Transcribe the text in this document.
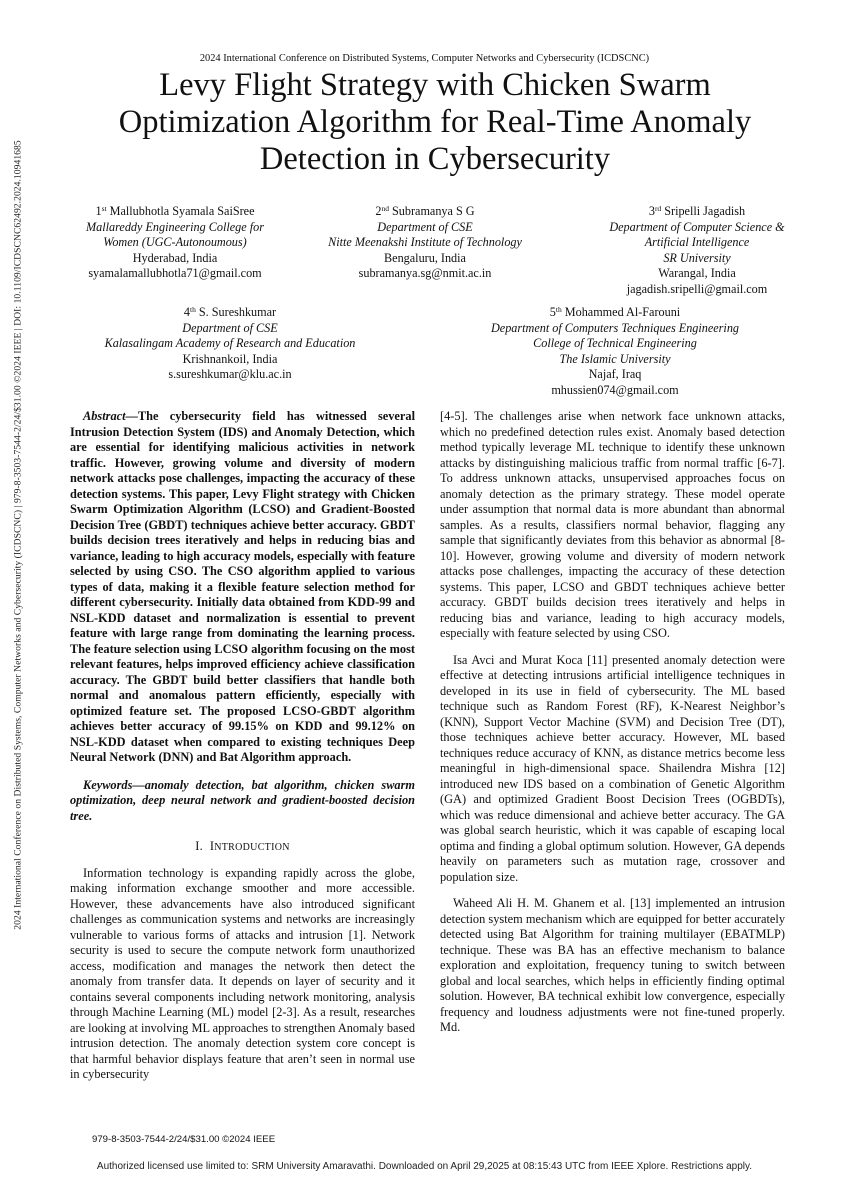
2024 International Conference on Distributed Systems, Computer Networks and Cybersecurity (ICDSCNC) | 979-8-3503-7544-2/24/$31.00 ©2024 IEEE | DOI: 10.1109/ICDSCNC62492.2024.10941685
2024 International Conference on Distributed Systems, Computer Networks and Cybersecurity (ICDSCNC)
Levy Flight Strategy with Chicken Swarm Optimization Algorithm for Real-Time Anomaly Detection in Cybersecurity
1st Mallubhotla Syamala SaiSree
Mallareddy Engineering College for
Women (UGC-Autonoumous)
Hyderabad, India
syamalamallubhotla71@gmail.com
2nd Subramanya S G
Department of CSE
Nitte Meenakshi Institute of Technology
Bengaluru, India
subramanya.sg@nmit.ac.in
3rd Sripelli Jagadish
Department of Computer Science &
Artificial Intelligence
SR University
Warangal, India
jagadish.sripelli@gmail.com
4th S. Sureshkumar
Department of CSE
Kalasalingam Academy of Research and Education
Krishnankoil, India
s.sureshkumar@klu.ac.in
5th Mohammed Al-Farouni
Department of Computers Techniques Engineering
College of Technical Engineering
The Islamic University
Najaf, Iraq
mhussien074@gmail.com

Abstract—The cybersecurity field has witnessed several Intrusion Detection System (IDS) and Anomaly Detection, which are essential for identifying malicious activities in network traffic. However, growing volume and diversity of modern network attacks pose challenges, impacting the accuracy of these detection systems. This paper, Levy Flight strategy with Chicken Swarm Optimization Algorithm (LCSO) and Gradient-Boosted Decision Tree (GBDT) techniques achieve better accuracy. GBDT builds decision trees iteratively and helps in reducing bias and variance, leading to high accuracy models, especially with feature selected by using CSO. The CSO algorithm applied to various types of data, making it a flexible feature selection method for different cybersecurity. Initially data obtained from KDD-99 and NSL-KDD dataset and normalization is essential to prevent feature with large range from dominating the learning process. The feature selection using LCSO algorithm focusing on the most relevant features, helps improved efficiency achieve classification accuracy. The GBDT build better classifiers that handle both normal and anomalous pattern efficiently, especially with optimized feature set. The proposed LCSO-GBDT algorithm achieves better accuracy of 99.15% on KDD and 99.12% on NSL-KDD dataset when compared to existing techniques Deep Neural Network (DNN) and Bat Algorithm approach.

Keywords—anomaly detection, bat algorithm, chicken swarm optimization, deep neural network and gradient-boosted decision tree.

I. INTRODUCTION

Information technology is expanding rapidly across the globe, making information exchange smoother and more accessible. However, these advancements have also introduced significant challenges as communication systems and networks are increasingly vulnerable to various forms of attacks and intrusion [1]. Network security is used to secure the compute network form unauthorized access, modification and manages the network then detect the anomaly from transfer data. It depends on layer of security and it contains several components including network monitoring, analysis through Machine Learning (ML) model [2-3]. As a result, researches are looking at involving ML approaches to strengthen Anomaly based intrusion detection. The anomaly detection system core concept is that harmful behavior displays feature that aren’t seen in normal use in cybersecurity

[4-5]. The challenges arise when network face unknown attacks, which no predefined detection rules exist. Anomaly based detection method typically leverage ML technique to identify these unknown attacks by distinguishing malicious traffic from normal traffic [6-7]. To address unknown attacks, unsupervised approaches focus on anomaly detection as the primary strategy. These model operate under assumption that normal data is more abundant than abnormal samples. As a results, classifiers normal behavior, flagging any sample that significantly deviates from this behavior as abnormal [8-10]. However, growing volume and diversity of modern network attacks pose challenges, impacting the accuracy of these detection systems. This paper, LCSO and GBDT techniques achieve better accuracy. GBDT builds decision trees iteratively and helps in reducing bias and variance, leading to high accuracy models, especially with feature selected by using CSO.

Isa Avci and Murat Koca [11] presented anomaly detection were effective at detecting intrusions artificial intelligence techniques in developed in its use in field of cybersecurity. The ML based technique such as Random Forest (RF), K-Nearest Neighbor’s (KNN), Support Vector Machine (SVM) and Decision Tree (DT), those techniques achieve better accuracy. However, ML based techniques reduce accuracy of KNN, as distance metrics become less meaningful in high-dimensional space. Shailendra Mishra [12] introduced new IDS based on a combination of Genetic Algorithm (GA) and optimized Gradient Boost Decision Trees (OGBDTs), which was reduce dimensional and achieve better accuracy. The GA was global search heuristic, which it was capable of escaping local optima and finding a global optimum solution. However, GA depends heavily on parameters such as mutation rage, crossover and population size.

Waheed Ali H. M. Ghanem et al. [13] implemented an intrusion detection system mechanism which are equipped for better accurately detected using Bat Algorithm for training multilayer (EBATMLP) technique. These was BA has an effective mechanism to balance exploration and exploitation, frequency tuning to switch between global and local searches, which helps in efficiently finding optimal solution. However, BA technical exhibit low convergence, especially frequency and loudness adjustments were not fine-tuned properly. Md.

979-8-3503-7544-2/24/$31.00 ©2024 IEEE
Authorized licensed use limited to: SRM University Amaravathi. Downloaded on April 29,2025 at 08:15:43 UTC from IEEE Xplore. Restrictions apply.
